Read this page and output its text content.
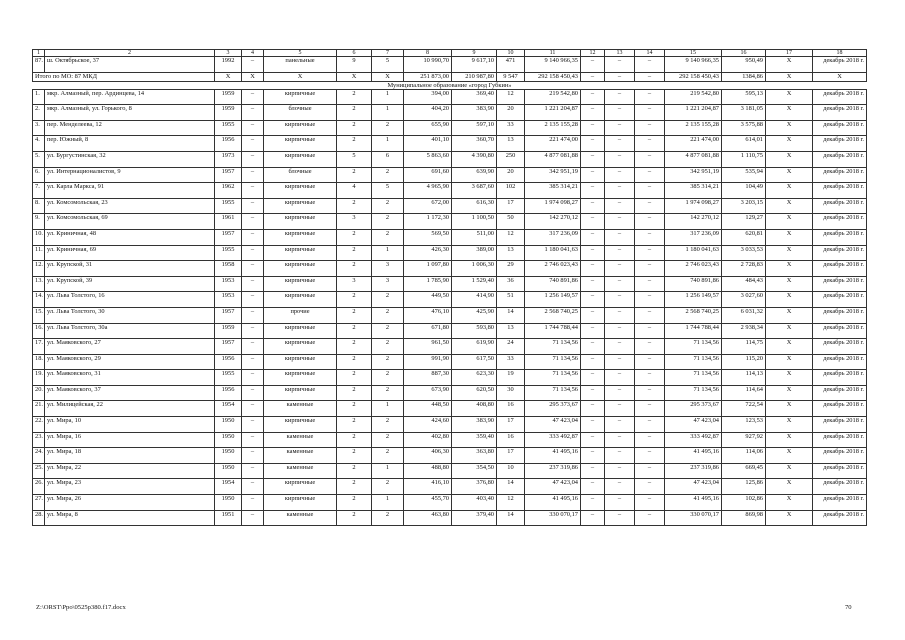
1	2	3	4	5	6	7	8	9	10	11	12	13	14	15	16	17	18
87.	ш. Октябрьское, 37	1992	–	панельные	9	5	10 990,70	9 617,10	471	9 140 966,35	–	–	–	9 140 966,35	950,49	X	декабрь 2018 г.
Итого по МО: 87 МКД		X	X	X	X	X	251 873,00	210 987,80	9 547	292 158 450,43	–	–	–	292 158 450,43	1384,86	X	X
Муниципальное образование «город Губкин»																	
1.	мкр. Алмазный, пер. Ардинцева, 14	1959	–	кирпичные	2	1	394,00	369,40	12	219 542,80	–	–	–	219 542,80	595,13	X	декабрь 2018 г.
2.	мкр. Алмазный, ул. Горького, 8	1959	–	блочные	2	1	404,20	383,90	20	1 221 204,87	–	–	–	1 221 204,87	3 181,05	X	декабрь 2018 г.
3.	пер. Менделеева, 12	1955	–	кирпичные	2	2	655,90	597,10	33	2 135 155,28	–	–	–	2 135 155,28	3 575,88	X	декабрь 2018 г.
4.	пер. Южный, 8	1956	–	кирпичные	2	1	401,10	360,70	13	221 474,00	–	–	–	221 474,00	614,01	X	декабрь 2018 г.
5.	ул. Бургустинская, 32	1973	–	кирпичные	5	6	5 863,60	4 390,80	250	4 877 081,88	–	–	–	4 877 081,88	1 110,75	X	декабрь 2018 г.
6.	ул. Интернационалистов, 9	1957	–	блочные	2	2	691,60	639,90	20	342 951,19	–	–	–	342 951,19	535,94	X	декабрь 2018 г.
7.	ул. Карла Маркса, 91	1962	–	кирпичные	4	5	4 965,90	3 687,60	102	385 314,21	–	–	–	385 314,21	104,49	X	декабрь 2018 г.
8.	ул. Комсомольская, 23	1955	–	кирпичные	2	2	672,00	616,30	17	1 974 098,27	–	–	–	1 974 098,27	3 203,15	X	декабрь 2018 г.
9.	ул. Комсомольская, 69	1961	–	кирпичные	3	2	1 172,30	1 100,50	50	142 270,12	–	–	–	142 270,12	129,27	X	декабрь 2018 г.
10.	ул. Криничная, 48	1957	–	кирпичные	2	2	569,50	511,00	12	317 236,09	–	–	–	317 236,09	620,81	X	декабрь 2018 г.
11.	ул. Криничная, 69	1955	–	кирпичные	2	1	426,30	389,00	13	1 180 041,63	–	–	–	1 180 041,63	3 033,53	X	декабрь 2018 г.
12.	ул. Крупской, 31	1958	–	кирпичные	2	3	1 097,80	1 006,30	29	2 746 023,43	–	–	–	2 746 023,43	2 728,83	X	декабрь 2018 г.
13.	ул. Крупской, 39	1953	–	кирпичные	3	3	1 785,90	1 529,40	36	740 891,86	–	–	–	740 891,86	484,43	X	декабрь 2018 г.
14.	ул. Льва Толстого, 16	1953	–	кирпичные	2	2	449,50	414,90	51	1 256 149,57	–	–	–	1 256 149,57	3 027,60	X	декабрь 2018 г.
15.	ул. Льва Толстого, 30	1957	–	прочие	2	2	476,10	425,90	14	2 568 740,25	–	–	–	2 568 740,25	6 031,32	X	декабрь 2018 г.
16.	ул. Льва Толстого, 30а	1959	–	кирпичные	2	2	671,80	593,80	13	1 744 788,44	–	–	–	1 744 788,44	2 938,34	X	декабрь 2018 г.
17.	ул. Маяковского, 27	1957	–	кирпичные	2	2	961,50	619,90	24	71 134,56	–	–	–	71 134,56	114,75	X	декабрь 2018 г.
18.	ул. Маяковского, 29	1956	–	кирпичные	2	2	991,90	617,50	33	71 134,56	–	–	–	71 134,56	115,20	X	декабрь 2018 г.
19.	ул. Маяковского, 31	1955	–	кирпичные	2	2	887,30	623,30	19	71 134,56	–	–	–	71 134,56	114,13	X	декабрь 2018 г.
20.	ул. Маяковского, 37	1956	–	кирпичные	2	2	673,90	620,50	30	71 134,56	–	–	–	71 134,56	114,64	X	декабрь 2018 г.
21.	ул. Милицейская, 22	1954	–	каменные	2	1	448,50	408,80	16	295 373,67	–	–	–	295 373,67	722,54	X	декабрь 2018 г.
22.	ул. Мира, 10	1950	–	кирпичные	2	2	424,60	383,90	17	47 423,04	–	–	–	47 423,04	123,53	X	декабрь 2018 г.
23.	ул. Мира, 16	1950	–	каменные	2	2	402,80	359,40	16	333 492,87	–	–	–	333 492,87	927,92	X	декабрь 2018 г.
24.	ул. Мира, 18	1950	–	каменные	2	2	406,30	363,80	17	41 495,16	–	–	–	41 495,16	114,06	X	декабрь 2018 г.
25.	ул. Мира, 22	1950	–	каменные	2	1	488,80	354,50	10	237 319,86	–	–	–	237 319,86	669,45	X	декабрь 2018 г.
26.	ул. Мира, 23	1954	–	кирпичные	2	2	416,10	376,80	14	47 423,04	–	–	–	47 423,04	125,86	X	декабрь 2018 г.
27.	ул. Мира, 26	1950	–	кирпичные	2	1	455,70	403,40	12	41 495,16	–	–	–	41 495,16	102,86	X	декабрь 2018 г.
28.	ул. Мира, 8	1951	–	каменные	2	2	463,80	379,40	14	330 070,17	–	–	–	330 070,17	869,98	X	декабрь 2018 г.
Z:\ORST\Ppo\0525p380.f17.docx	70
